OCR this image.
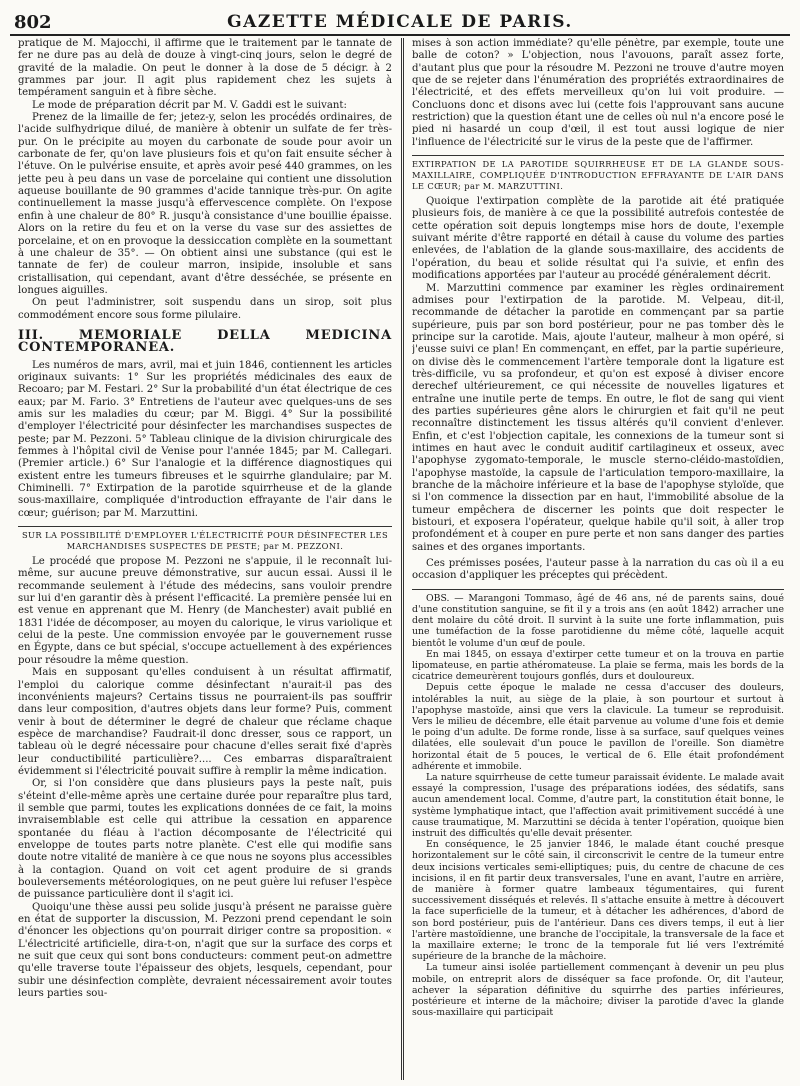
802	GAZETTE MÉDICALE DE PARIS.

pratique de M. Majocchi, il affirme que le traitement par le tannate de fer ne dure pas au delà de douze à vingt-cinq jours, selon le degré de gravité de la maladie. On peut le donner à la dose de 5 décigr. à 2 grammes par jour. Il agit plus rapidement chez les sujets à tempérament sanguin et à fibre sèche.

Le mode de préparation décrit par M. V. Gaddi est le suivant:

Prenez de la limaille de fer; jetez-y, selon les procédés ordinaires, de l'acide sulfhydrique dilué, de manière à obtenir un sulfate de fer très-pur. On le précipite au moyen du carbonate de soude pour avoir un carbonate de fer, qu'on lave plusieurs fois et qu'on fait ensuite sécher à l'étuve. On le pulvérise ensuite, et après avoir pesé 440 grammes, on les jette peu à peu dans un vase de porcelaine qui contient une dissolution aqueuse bouillante de 90 grammes d'acide tannique très-pur. On agite continuellement la masse jusqu'à effervescence complète. On l'expose enfin à une chaleur de 80° R. jusqu'à consistance d'une bouillie épaisse. Alors on la retire du feu et on la verse du vase sur des assiettes de porcelaine, et on en provoque la dessiccation complète en la soumettant à une chaleur de 35°. — On obtient ainsi une substance (qui est le tannate de fer) de couleur marron, insipide, insoluble et sans cristallisation, qui cependant, avant d'être desséchée, se présente en longues aiguilles.

On peut l'administrer, soit suspendu dans un sirop, soit plus commodément encore sous forme pilulaire.

III. MEMORIALE DELLA MEDICINA CONTEMPORANEA.

Les numéros de mars, avril, mai et juin 1846, contiennent les articles originaux suivants: 1° Sur les propriétés médicinales des eaux de Recoaro; par M. Festari. 2° Sur la probabilité d'un état électrique de ces eaux; par M. Fario. 3° Entretiens de l'auteur avec quelques-uns de ses amis sur les maladies du cœur; par M. Biggi. 4° Sur la possibilité d'employer l'électricité pour désinfecter les marchandises suspectes de peste; par M. Pezzoni. 5° Tableau clinique de la division chirurgicale des femmes à l'hôpital civil de Venise pour l'année 1845; par M. Callegari. (Premier article.) 6° Sur l'analogie et la différence diagnostiques qui existent entre les tumeurs fibreuses et le squirrhe glandulaire; par M. Chiminelli. 7° Extirpation de la parotide squirrheuse et de la glande sous-maxillaire, compliquée d'introduction effrayante de l'air dans le cœur; guérison; par M. Marzuttini.

SUR LA POSSIBILITÉ D'EMPLOYER L'ÉLECTRICITÉ POUR DÉSINFECTER LES MARCHANDISES SUSPECTES DE PESTE; par M. PEZZONI.

Le procédé que propose M. Pezzoni ne s'appuie, il le reconnaît lui-même, sur aucune preuve démonstrative, sur aucun essai. Aussi il le recommande seulement à l'étude des médecins, sans vouloir prendre sur lui d'en garantir dès à présent l'efficacité. La première pensée lui en est venue en apprenant que M. Henry (de Manchester) avait publié en 1831 l'idée de décomposer, au moyen du calorique, le virus variolique et celui de la peste. Une commission envoyée par le gouvernement russe en Égypte, dans ce but spécial, s'occupe actuellement à des expériences pour résoudre la même question.

Mais en supposant qu'elles conduisent à un résultat affirmatif, l'emploi du calorique comme désinfectant n'aurait-il pas des inconvénients majeurs? Certains tissus ne pourraient-ils pas souffrir dans leur composition, d'autres objets dans leur forme? Puis, comment venir à bout de déterminer le degré de chaleur que réclame chaque espèce de marchandise? Faudrait-il donc dresser, sous ce rapport, un tableau où le degré nécessaire pour chacune d'elles serait fixé d'après leur conductibilité particulière?.... Ces embarras disparaîtraient évidemment si l'électricité pouvait suffire à remplir la même indication.

Or, si l'on considère que dans plusieurs pays la peste naît, puis s'éteint d'elle-même après une certaine durée pour reparaître plus tard, il semble que parmi, toutes les explications données de ce fait, la moins invraisemblable est celle qui attribue la cessation en apparence spontanée du fléau à l'action décomposante de l'électricité qui enveloppe de toutes parts notre planète. C'est elle qui modifie sans doute notre vitalité de manière à ce que nous ne soyons plus accessibles à la contagion. Quand on voit cet agent produire de si grands bouleversements météorologiques, on ne peut guère lui refuser l'espèce de puissance particulière dont il s'agit ici.

Quoiqu'une thèse aussi peu solide jusqu'à présent ne paraisse guère en état de supporter la discussion, M. Pezzoni prend cependant le soin d'énoncer les objections qu'on pourrait diriger contre sa proposition. « L'électricité artificielle, dira-t-on, n'agit que sur la surface des corps et ne suit que ceux qui sont bons conducteurs: comment peut-on admettre qu'elle traverse toute l'épaisseur des objets, lesquels, cependant, pour subir une désinfection complète, devraient nécessairement avoir toutes leurs parties sou-

mises à son action immédiate? qu'elle pénètre, par exemple, toute une balle de coton? » L'objection, nous l'avouons, paraît assez forte, d'autant plus que pour la résoudre M. Pezzoni ne trouve d'autre moyen que de se rejeter dans l'énumération des propriétés extraordinaires de l'électricité, et des effets merveilleux qu'on lui voit produire. — Concluons donc et disons avec lui (cette fois l'approuvant sans aucune restriction) que la question étant une de celles où nul n'a encore posé le pied ni hasardé un coup d'œil, il est tout aussi logique de nier l'influence de l'électricité sur le virus de la peste que de l'affirmer.

EXTIRPATION DE LA PAROTIDE SQUIRRHEUSE ET DE LA GLANDE SOUS-MAXILLAIRE, COMPLIQUÉE D'INTRODUCTION EFFRAYANTE DE L'AIR DANS LE CŒUR; par M. MARZUTTINI.

Quoique l'extirpation complète de la parotide ait été pratiquée plusieurs fois, de manière à ce que la possibilité autrefois contestée de cette opération soit depuis longtemps mise hors de doute, l'exemple suivant mérite d'être rapporté en détail à cause du volume des parties enlevées, de l'ablation de la glande sous-maxillaire, des accidents de l'opération, du beau et solide résultat qui l'a suivie, et enfin des modifications apportées par l'auteur au procédé généralement décrit.

M. Marzuttini commence par examiner les règles ordinairement admises pour l'extirpation de la parotide. M. Velpeau, dit-il, recommande de détacher la parotide en commençant par sa partie supérieure, puis par son bord postérieur, pour ne pas tomber dès le principe sur la carotide. Mais, ajoute l'auteur, malheur à mon opéré, si j'eusse suivi ce plan! En commençant, en effet, par la partie supérieure, on divise dès le commencement l'artère temporale dont la ligature est très-difficile, vu sa profondeur, et qu'on est exposé à diviser encore derechef ultérieurement, ce qui nécessite de nouvelles ligatures et entraîne une inutile perte de temps. En outre, le flot de sang qui vient des parties supérieures gêne alors le chirurgien et fait qu'il ne peut reconnaître distinctement les tissus altérés qu'il convient d'enlever. Enfin, et c'est l'objection capitale, les connexions de la tumeur sont si intimes en haut avec le conduit auditif cartilagineux et osseux, avec l'apophyse zygomato-temporale, le muscle sterno-cléido-mastoïdien, l'apophyse mastoïde, la capsule de l'articulation temporo-maxillaire, la branche de la mâchoire inférieure et la base de l'apophyse styloïde, que si l'on commence la dissection par en haut, l'immobilité absolue de la tumeur empêchera de discerner les points que doit respecter le bistouri, et exposera l'opérateur, quelque habile qu'il soit, à aller trop profondément et à couper en pure perte et non sans danger des parties saines et des organes importants.

Ces prémisses posées, l'auteur passe à la narration du cas où il a eu occasion d'appliquer les préceptes qui précèdent.

OBS. — Marangoni Tommaso, âgé de 46 ans, né de parents sains, doué d'une constitution sanguine, se fit il y a trois ans (en août 1842) arracher une dent molaire du côté droit. Il survint à la suite une forte inflammation, puis une tuméfaction de la fosse parotidienne du même côté, laquelle acquit bientôt le volume d'un œuf de poule.

En mai 1845, on essaya d'extirper cette tumeur et on la trouva en partie lipomateuse, en partie athéromateuse. La plaie se ferma, mais les bords de la cicatrice demeurèrent toujours gonflés, durs et douloureux.

Depuis cette époque le malade ne cessa d'accuser des douleurs, intolérables la nuit, au siège de la plaie, à son pourtour et surtout à l'apophyse mastoïde, ainsi que vers la clavicule. La tumeur se reproduisit. Vers le milieu de décembre, elle était parvenue au volume d'une fois et demie le poing d'un adulte. De forme ronde, lisse à sa surface, sauf quelques veines dilatées, elle soulevait d'un pouce le pavillon de l'oreille. Son diamètre horizontal était de 5 pouces, le vertical de 6. Elle était profondément adhérente et immobile.

La nature squirrheuse de cette tumeur paraissait évidente. Le malade avait essayé la compression, l'usage des préparations iodées, des sédatifs, sans aucun amendement local. Comme, d'autre part, la constitution était bonne, le système lymphatique intact, que l'affection avait primitivement succédé à une cause traumatique, M. Marzuttini se décida à tenter l'opération, quoique bien instruit des difficultés qu'elle devait présenter.

En conséquence, le 25 janvier 1846, le malade étant couché presque horizontalement sur le côté sain, il circonscrivit le centre de la tumeur entre deux incisions verticales semi-elliptiques; puis, du centre de chacune de ces incisions, il en fit partir deux transversales, l'une en avant, l'autre en arrière, de manière à former quatre lambeaux tégumentaires, qui furent successivement disséqués et relevés. Il s'attache ensuite à mettre à découvert la face superficielle de la tumeur, et à détacher les adhérences, d'abord de son bord postérieur, puis de l'antérieur. Dans ces divers temps, il eut à lier l'artère mastoïdienne, une branche de l'occipitale, la transversale de la face et la maxillaire externe; le tronc de la temporale fut lié vers l'extrémité supérieure de la branche de la mâchoire.

La tumeur ainsi isolée partiellement commençant à devenir un peu plus mobile, on entreprit alors de disséquer sa face profonde. Or, dit l'auteur, achever la séparation définitive du squirrhe des parties inférieures, postérieure et interne de la mâchoire; diviser la parotide d'avec la glande sous-maxillaire qui participait
